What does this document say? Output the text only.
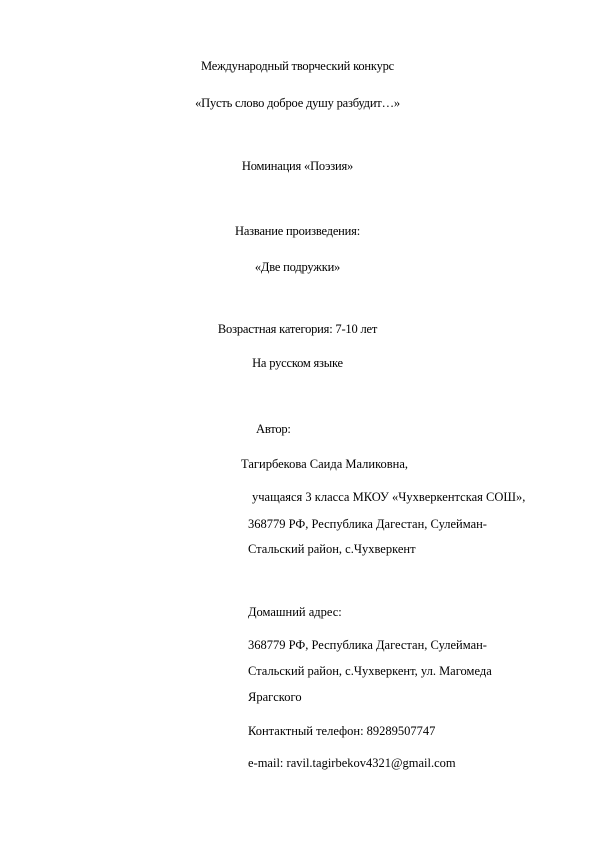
Международный творческий конкурс
«Пусть слово доброе душу разбудит…»
Номинация «Поэзия»
Название произведения:
«Две подружки»
Возрастная категория: 7-10 лет
На русском языке
Автор:
Тагирбекова Саида Маликовна,
учащаяся 3 класса МКОУ «Чухверкентская СОШ»,
368779 РФ, Республика Дагестан, Сулейман-
Стальский район, с.Чухверкент
Домашний адрес:
368779 РФ, Республика Дагестан, Сулейман-
Стальский район, с.Чухверкент, ул. Магомеда
Ярагского
Контактный телефон: 89289507747
e-mail: ravil.tagirbekov4321@gmail.com
